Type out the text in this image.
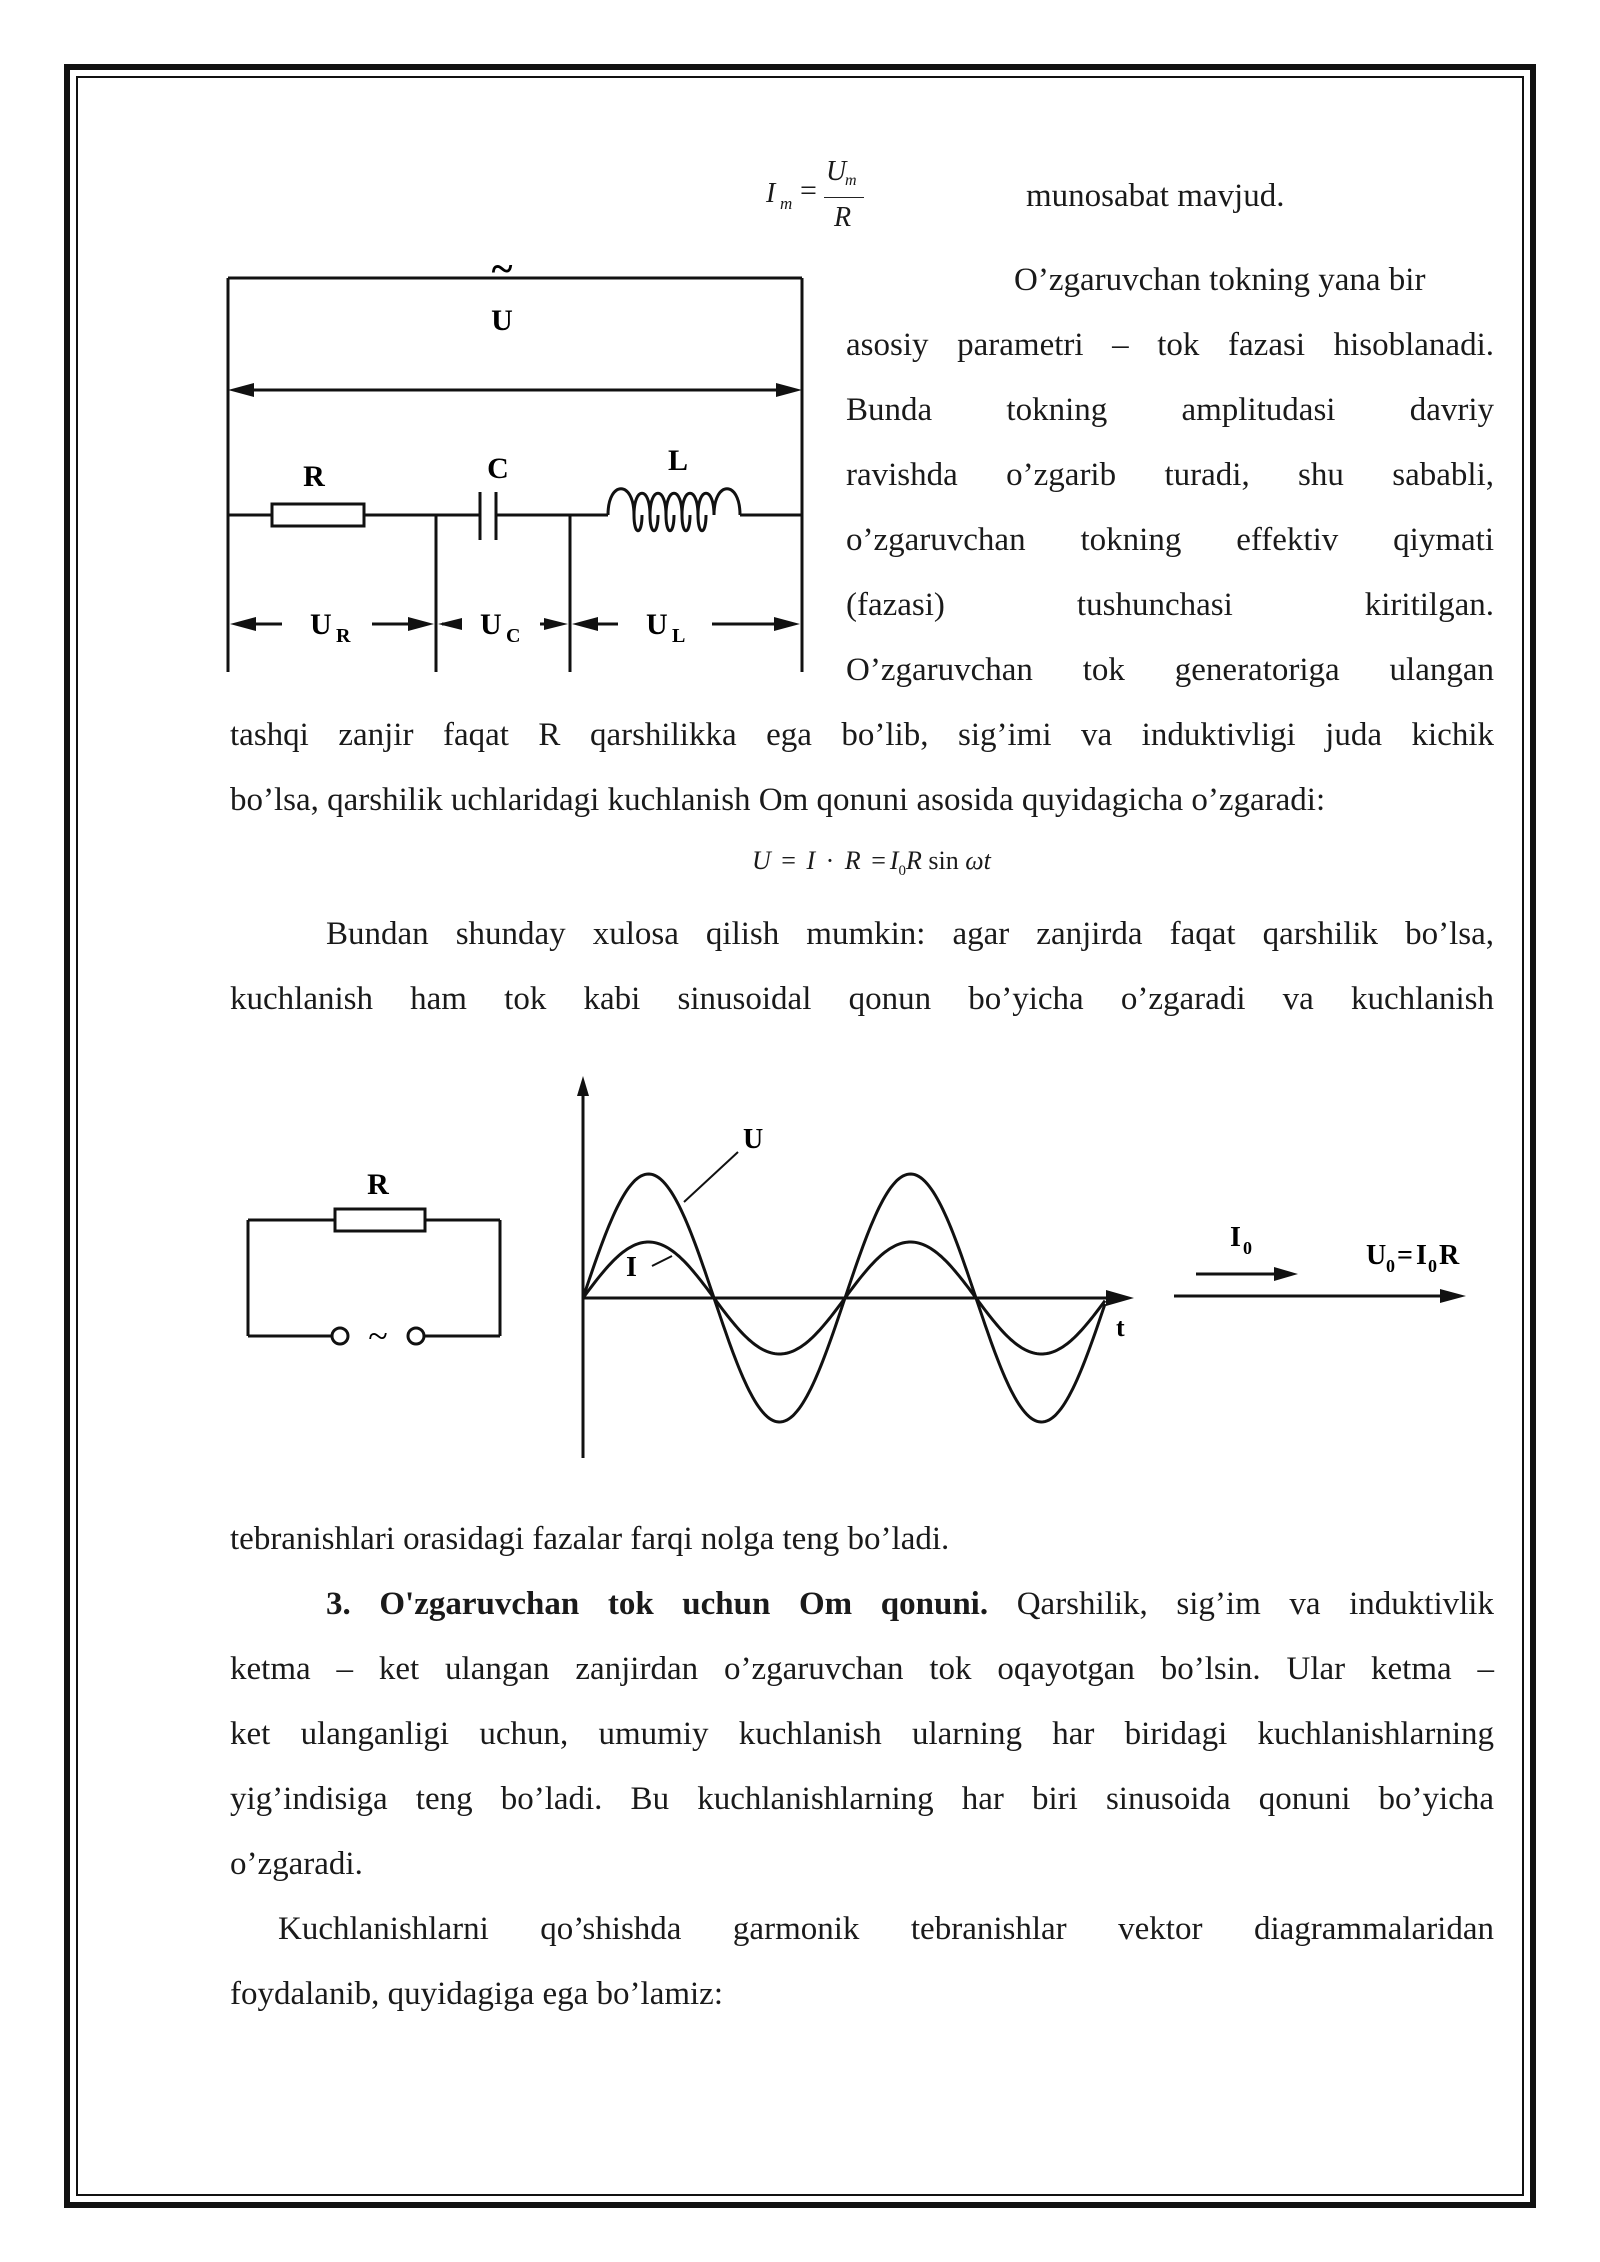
I m =
U
m
R
munosabat mavjud.
~
U
R	C	L
U R	U C	U L
O’zgaruvchan tokning yana bir
asosiy parametri – tok fazasi hisoblanadi.
Bunda tokning amplitudasi davriy
ravishda o’zgarib turadi, shu sababli,
o’zgaruvchan tokning effektiv qiymati
(fazasi) tushunchasi kiritilgan.
O’zgaruvchan tok generatoriga ulangan
tashqi zanjir faqat R qarshilikka ega bo’lib, sig’imi va induktivligi juda kichik
bo’lsa, qarshilik uchlaridagi kuchlanish Om qonuni asosida quyidagicha o’zgaradi:
$U = I \cdot R = I_0R$ sin ωt
Bundan shunday xulosa qilish mumkin: agar zanjirda faqat qarshilik bo’lsa,
kuchlanish ham tok kabi sinusoidal qonun bo’yicha o’zgaradi va kuchlanish
R
~
U
I
t
I 0	U 0 = I 0 R
tebranishlari orasidagi fazalar farqi nolga teng bo’ladi.
3. O'zgaruvchan tok uchun Om qonuni. Qarshilik, sig’im va induktivlik
ketma – ket ulangan zanjirdan o’zgaruvchan tok oqayotgan bo’lsin. Ular ketma –
ket ulanganligi uchun, umumiy kuchlanish ularning har biridagi kuchlanishlarning
yig’indisiga teng bo’ladi. Bu kuchlanishlarning har biri sinusoida qonuni bo’yicha
o’zgaradi.
Kuchlanishlarni qo’shishda garmonik tebranishlar vektor diagrammalaridan
foydalanib, quyidagiga ega bo’lamiz:
